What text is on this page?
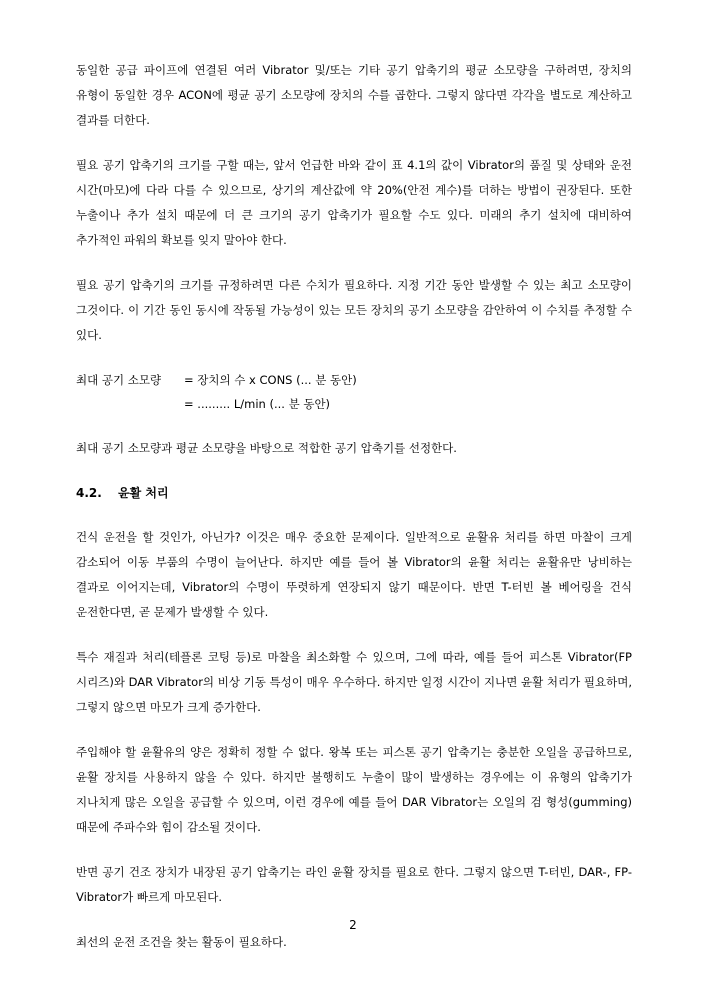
동일한 공급 파이프에 연결된 여러 Vibrator 및/또는 기타 공기 압축기의 평균 소모량을 구하려면, 장치의 유형이 동일한 경우 ACON에 평균 공기 소모량에 장치의 수를 곱한다. 그렇지 않다면 각각을 별도로 계산하고 결과를 더한다.

필요 공기 압축기의 크기를 구할 때는, 앞서 언급한 바와 같이 표 4.1의 값이 Vibrator의 품질 및 상태와 운전 시간(마모)에 다라 다를 수 있으므로, 상기의 계산값에 약 20%(안전 계수)를 더하는 방법이 권장된다. 또한 누출이나 추가 설치 때문에 더 큰 크기의 공기 압축기가 필요할 수도 있다. 미래의 추기 설치에 대비하여 추가적인 파워의 확보를 잊지 말아야 한다.

필요 공기 압축기의 크기를 규정하려면 다른 수치가 필요하다. 지정 기간 동안 발생할 수 있는 최고 소모량이 그것이다. 이 기간 동인 동시에 작동될 가능성이 있는 모든 장치의 공기 소모량을 감안하여 이 수치를 추정할 수 있다.

최대 공기 소모량	= 장치의 수 x CONS (... 분 동안)
= ......... L/min (... 분 동안)

최대 공기 소모량과 평균 소모량을 바탕으로 적합한 공기 압축기를 선정한다.

4.2.	윤활 처리

건식 운전을 할 것인가, 아닌가? 이것은 매우 중요한 문제이다. 일반적으로 윤활유 처리를 하면 마찰이 크게 감소되어 이동 부품의 수명이 늘어난다. 하지만 예를 들어 볼 Vibrator의 윤활 처리는 윤활유만 낭비하는 결과로 이어지는데, Vibrator의 수명이 뚜렷하게 연장되지 않기 때문이다. 반면 T-터빈 볼 베어링을 건식 운전한다면, 곧 문제가 발생할 수 있다.

특수 재질과 처리(테플론 코팅 등)로 마찰을 최소화할 수 있으며, 그에 따라, 예를 들어 피스톤 Vibrator(FP 시리즈)와 DAR Vibrator의 비상 기동 특성이 매우 우수하다. 하지만 일정 시간이 지나면 윤활 처리가 필요하며, 그렇지 않으면 마모가 크게 증가한다.

주입해야 할 윤활유의 양은 정확히 정할 수 없다. 왕복 또는 피스톤 공기 압축기는 충분한 오일을 공급하므로, 윤활 장치를 사용하지 않을 수 있다. 하지만 불행히도 누출이 많이 발생하는 경우에는 이 유형의 압축기가 지나치게 많은 오일을 공급할 수 있으며, 이런 경우에 예를 들어 DAR Vibrator는 오일의 검 형성(gumming) 때문에 주파수와 힘이 감소될 것이다.

반면 공기 건조 장치가 내장된 공기 압축기는 라인 윤활 장치를 필요로 한다. 그렇지 않으면 T-터빈, DAR-, FP- Vibrator가 빠르게 마모된다.

최선의 운전 조건을 찾는 활동이 필요하다.

2
